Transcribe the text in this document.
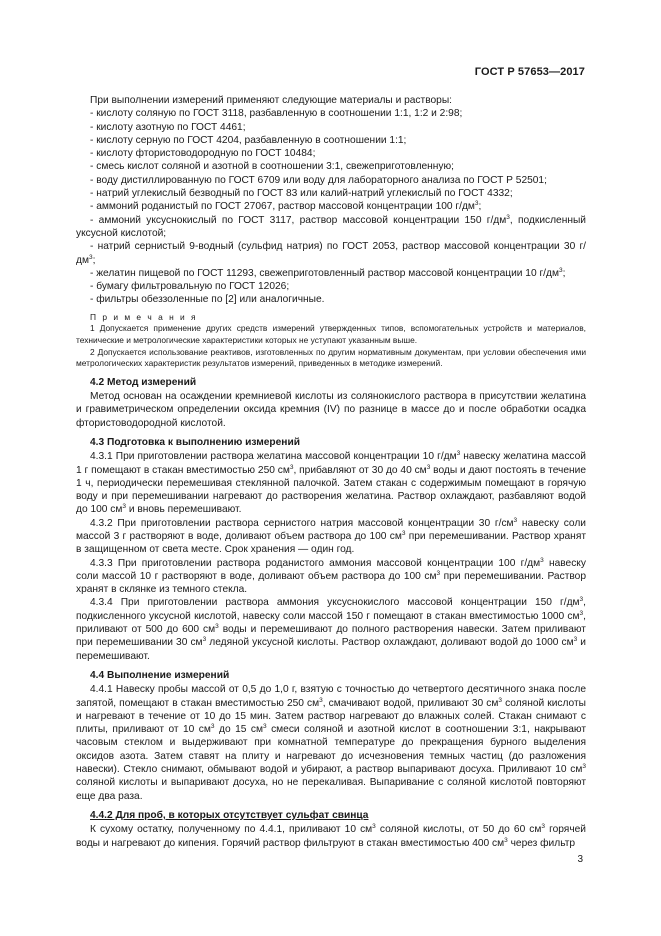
ГОСТ Р 57653—2017

При выполнении измерений применяют следующие материалы и растворы:

- кислоту соляную по ГОСТ 3118, разбавленную в соотношении 1:1, 1:2 и 2:98;

- кислоту азотную по ГОСТ 4461;

- кислоту серную по ГОСТ 4204, разбавленную в соотношении 1:1;

- кислоту фтористоводородную по ГОСТ 10484;

- смесь кислот соляной и азотной в соотношении 3:1, свежеприготовленную;

- воду дистиллированную по ГОСТ 6709 или воду для лабораторного анализа по ГОСТ Р 52501;

- натрий углекислый безводный по ГОСТ 83 или калий-натрий углекислый по ГОСТ 4332;

- аммоний роданистый по ГОСТ 27067, раствор массовой концентрации 100 $г/дм^3$;

- аммоний уксуснокислый по ГОСТ 3117, раствор массовой концентрации 150 $г/дм^3$, подкисленный уксусной кислотой;

- натрий сернистый 9-водный (сульфид натрия) по ГОСТ 2053, раствор массовой концентрации 30 $г/дм^3$;

- желатин пищевой по ГОСТ 11293, свежеприготовленный раствор массовой концентрации 10 $г/дм^3$;

- бумагу фильтровальную по ГОСТ 12026;

- фильтры обеззоленные по [2] или аналогичные.

П р и м е ч а н и я

1 Допускается применение других средств измерений утвержденных типов, вспомогательных устройств и материалов, технические и метрологические характеристики которых не уступают указанным выше.

2 Допускается использование реактивов, изготовленных по другим нормативным документам, при условии обеспечения ими метрологических характеристик результатов измерений, приведенных в методике измерений.

4.2 Метод измерений

Метод основан на осаждении кремниевой кислоты из солянокислого раствора в присутствии желатина и гравиметрическом определении оксида кремния (IV) по разнице в массе до и после обработки осадка фтористоводородной кислотой.

4.3 Подготовка к выполнению измерений

4.3.1 При приготовлении раствора желатина массовой концентрации 10 $г/дм^3$ навеску желатина массой 1 г помещают в стакан вместимостью 250 $см^3$, прибавляют от 30 до 40 $см^3$ воды и дают постоять в течение 1 ч, периодически перемешивая стеклянной палочкой. Затем стакан с содержимым помещают в горячую воду и при перемешивании нагревают до растворения желатина. Раствор охлаждают, разбавляют водой до 100 $см^3$ и вновь перемешивают.

4.3.2 При приготовлении раствора сернистого натрия массовой концентрации 30 $г/см^3$ навеску соли массой 3 г растворяют в воде, доливают объем раствора до 100 $см^3$ при перемешивании. Раствор хранят в защищенном от света месте. Срок хранения — один год.

4.3.3 При приготовлении раствора роданистого аммония массовой концентрации 100 $г/дм^3$ навеску соли массой 10 г растворяют в воде, доливают объем раствора до 100 $см^3$ при перемешивании. Раствор хранят в склянке из темного стекла.

4.3.4 При приготовлении раствора аммония уксуснокислого массовой концентрации 150 $г/дм^3$, подкисленного уксусной кислотой, навеску соли массой 150 г помещают в стакан вместимостью 1000 $см^3$, приливают от 500 до 600 $см^3$ воды и перемешивают до полного растворения навески. Затем приливают при перемешивании 30 $см^3$ ледяной уксусной кислоты. Раствор охлаждают, доливают водой до 1000 $см^3$ и перемешивают.

4.4 Выполнение измерений

4.4.1 Навеску пробы массой от 0,5 до 1,0 г, взятую с точностью до четвертого десятичного знака после запятой, помещают в стакан вместимостью 250 $см^3$, смачивают водой, приливают 30 $см^3$ соляной кислоты и нагревают в течение от 10 до 15 мин. Затем раствор нагревают до влажных солей. Стакан снимают с плиты, приливают от 10 $см^3$ до 15 $см^3$ смеси соляной и азотной кислот в соотношении 3:1, накрывают часовым стеклом и выдерживают при комнатной температуре до прекращения бурного выделения оксидов азота. Затем ставят на плиту и нагревают до исчезновения темных частиц (до разложения навески). Стекло снимают, обмывают водой и убирают, а раствор выпаривают досуха. Приливают 10 $см^3$ соляной кислоты и выпаривают досуха, но не перекаливая. Выпаривание с соляной кислотой повторяют еще два раза.

4.4.2 Для проб, в которых отсутствует сульфат свинца

К сухому остатку, полученному по 4.4.1, приливают 10 $см^3$ соляной кислоты, от 50 до 60 $см^3$ горячей воды и нагревают до кипения. Горячий раствор фильтруют в стакан вместимостью 400 $см^3$ через фильтр

3
